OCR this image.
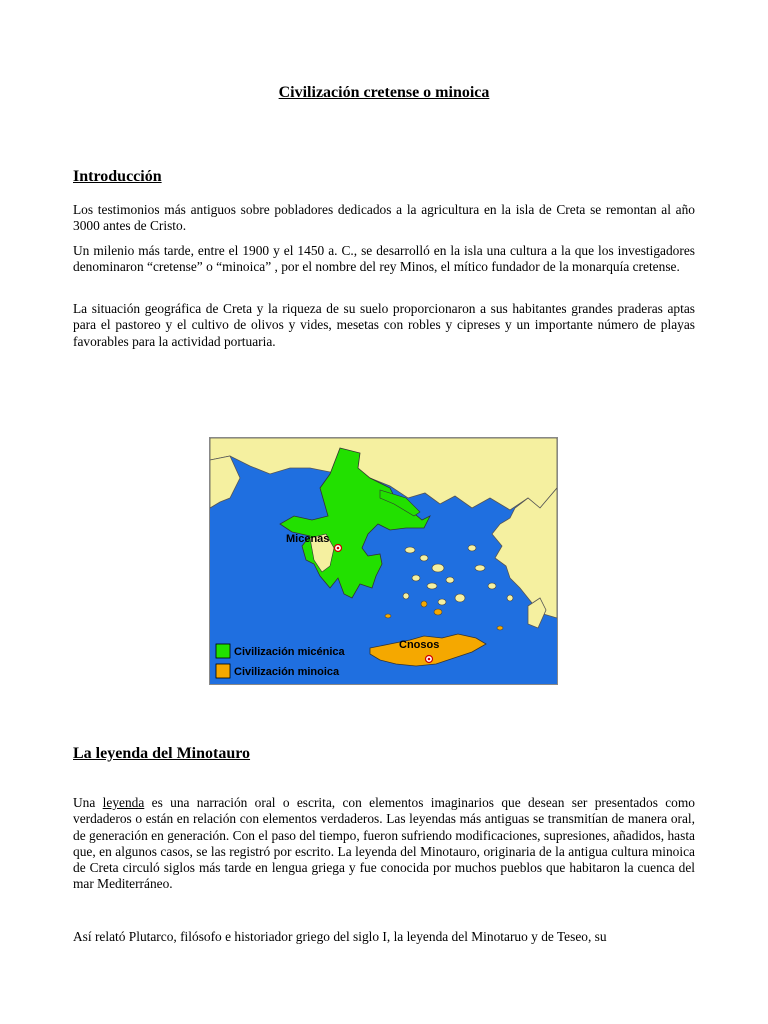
Civilización cretense o minoica
Introducción

Los testimonios más antiguos sobre pobladores dedicados a la agricultura en la isla de Creta se remontan al año 3000 antes de Cristo.

Un milenio más tarde, entre el 1900 y el 1450 a. C., se desarrolló en la isla una cultura a la que los investigadores denominaron “cretense” o “minoica” , por el nombre del rey Minos, el mítico fundador de la monarquía cretense.

La situación geográfica de Creta y la riqueza de su suelo proporcionaron a sus habitantes grandes praderas aptas para el pastoreo y el cultivo de olivos y vides, mesetas con robles y cipreses y un importante número de playas favorables para la actividad portuaria.

Cnosos
Micenas
Civilización micénica
Civilización minoica
La leyenda del Minotauro

Una leyenda es una narración oral o escrita, con elementos imaginarios que desean ser presentados como verdaderos o están en relación con elementos verdaderos. Las leyendas más antiguas se transmitían de manera oral, de generación en generación. Con el paso del tiempo, fueron sufriendo modificaciones, supresiones, añadidos, hasta que, en algunos casos, se las registró por escrito. La leyenda del Minotauro, originaria de la antigua cultura minoica de Creta circuló siglos más tarde en lengua griega y fue conocida por muchos pueblos que habitaron la cuenca del mar Mediterráneo.

Así relató Plutarco, filósofo e historiador griego del siglo I, la leyenda del Minotaruo y de Teseo, su
